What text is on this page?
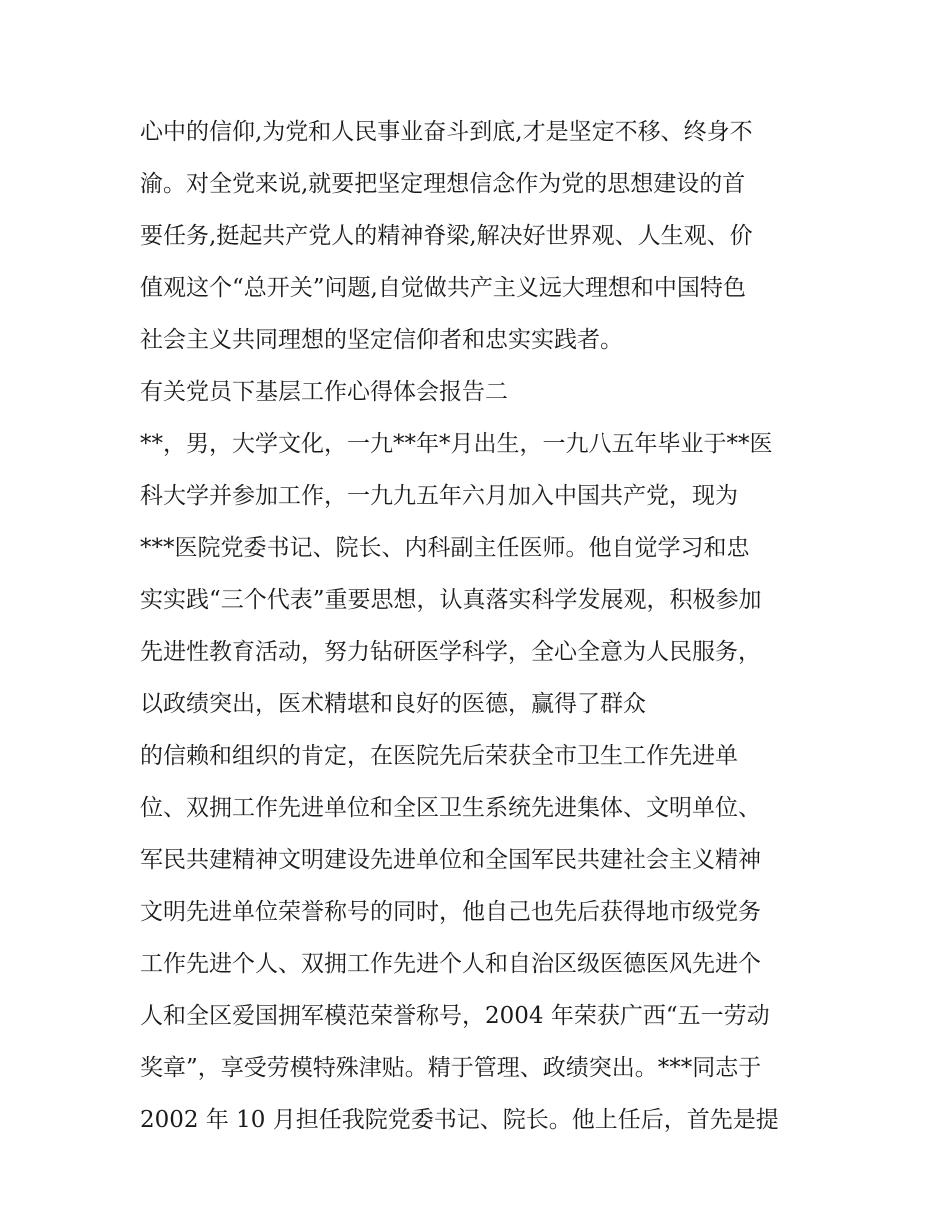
心中的信仰,为党和人民事业奋斗到底,才是坚定不移、终身不

渝。对全党来说,就要把坚定理想信念作为党的思想建设的首

要任务,挺起共产党人的精神脊梁,解决好世界观、人生观、价

值观这个“总开关”问题,自觉做共产主义远大理想和中国特色

社会主义共同理想的坚定信仰者和忠实实践者。

有关党员下基层工作心得体会报告二

**，男，大学文化，一九**年*月出生，一九八五年毕业于**医

科大学并参加工作，一九九五年六月加入中国共产党，现为

***医院党委书记、院长、内科副主任医师。他自觉学习和忠

实实践“三个代表”重要思想，认真落实科学发展观，积极参加

先进性教育活动，努力钻研医学科学，全心全意为人民服务，

以政绩突出，医术精堪和良好的医德，赢得了群众

的信赖和组织的肯定，在医院先后荣获全市卫生工作先进单

位、双拥工作先进单位和全区卫生系统先进集体、文明单位、

军民共建精神文明建设先进单位和全国军民共建社会主义精神

文明先进单位荣誉称号的同时，他自己也先后获得地市级党务

工作先进个人、双拥工作先进个人和自治区级医德医风先进个

人和全区爱国拥军模范荣誉称号，2004 年荣获广西“五一劳动

奖章”，享受劳模特殊津贴。精于管理、政绩突出。***同志于

2002 年 10 月担任我院党委书记、院长。他上任后，首先是提
